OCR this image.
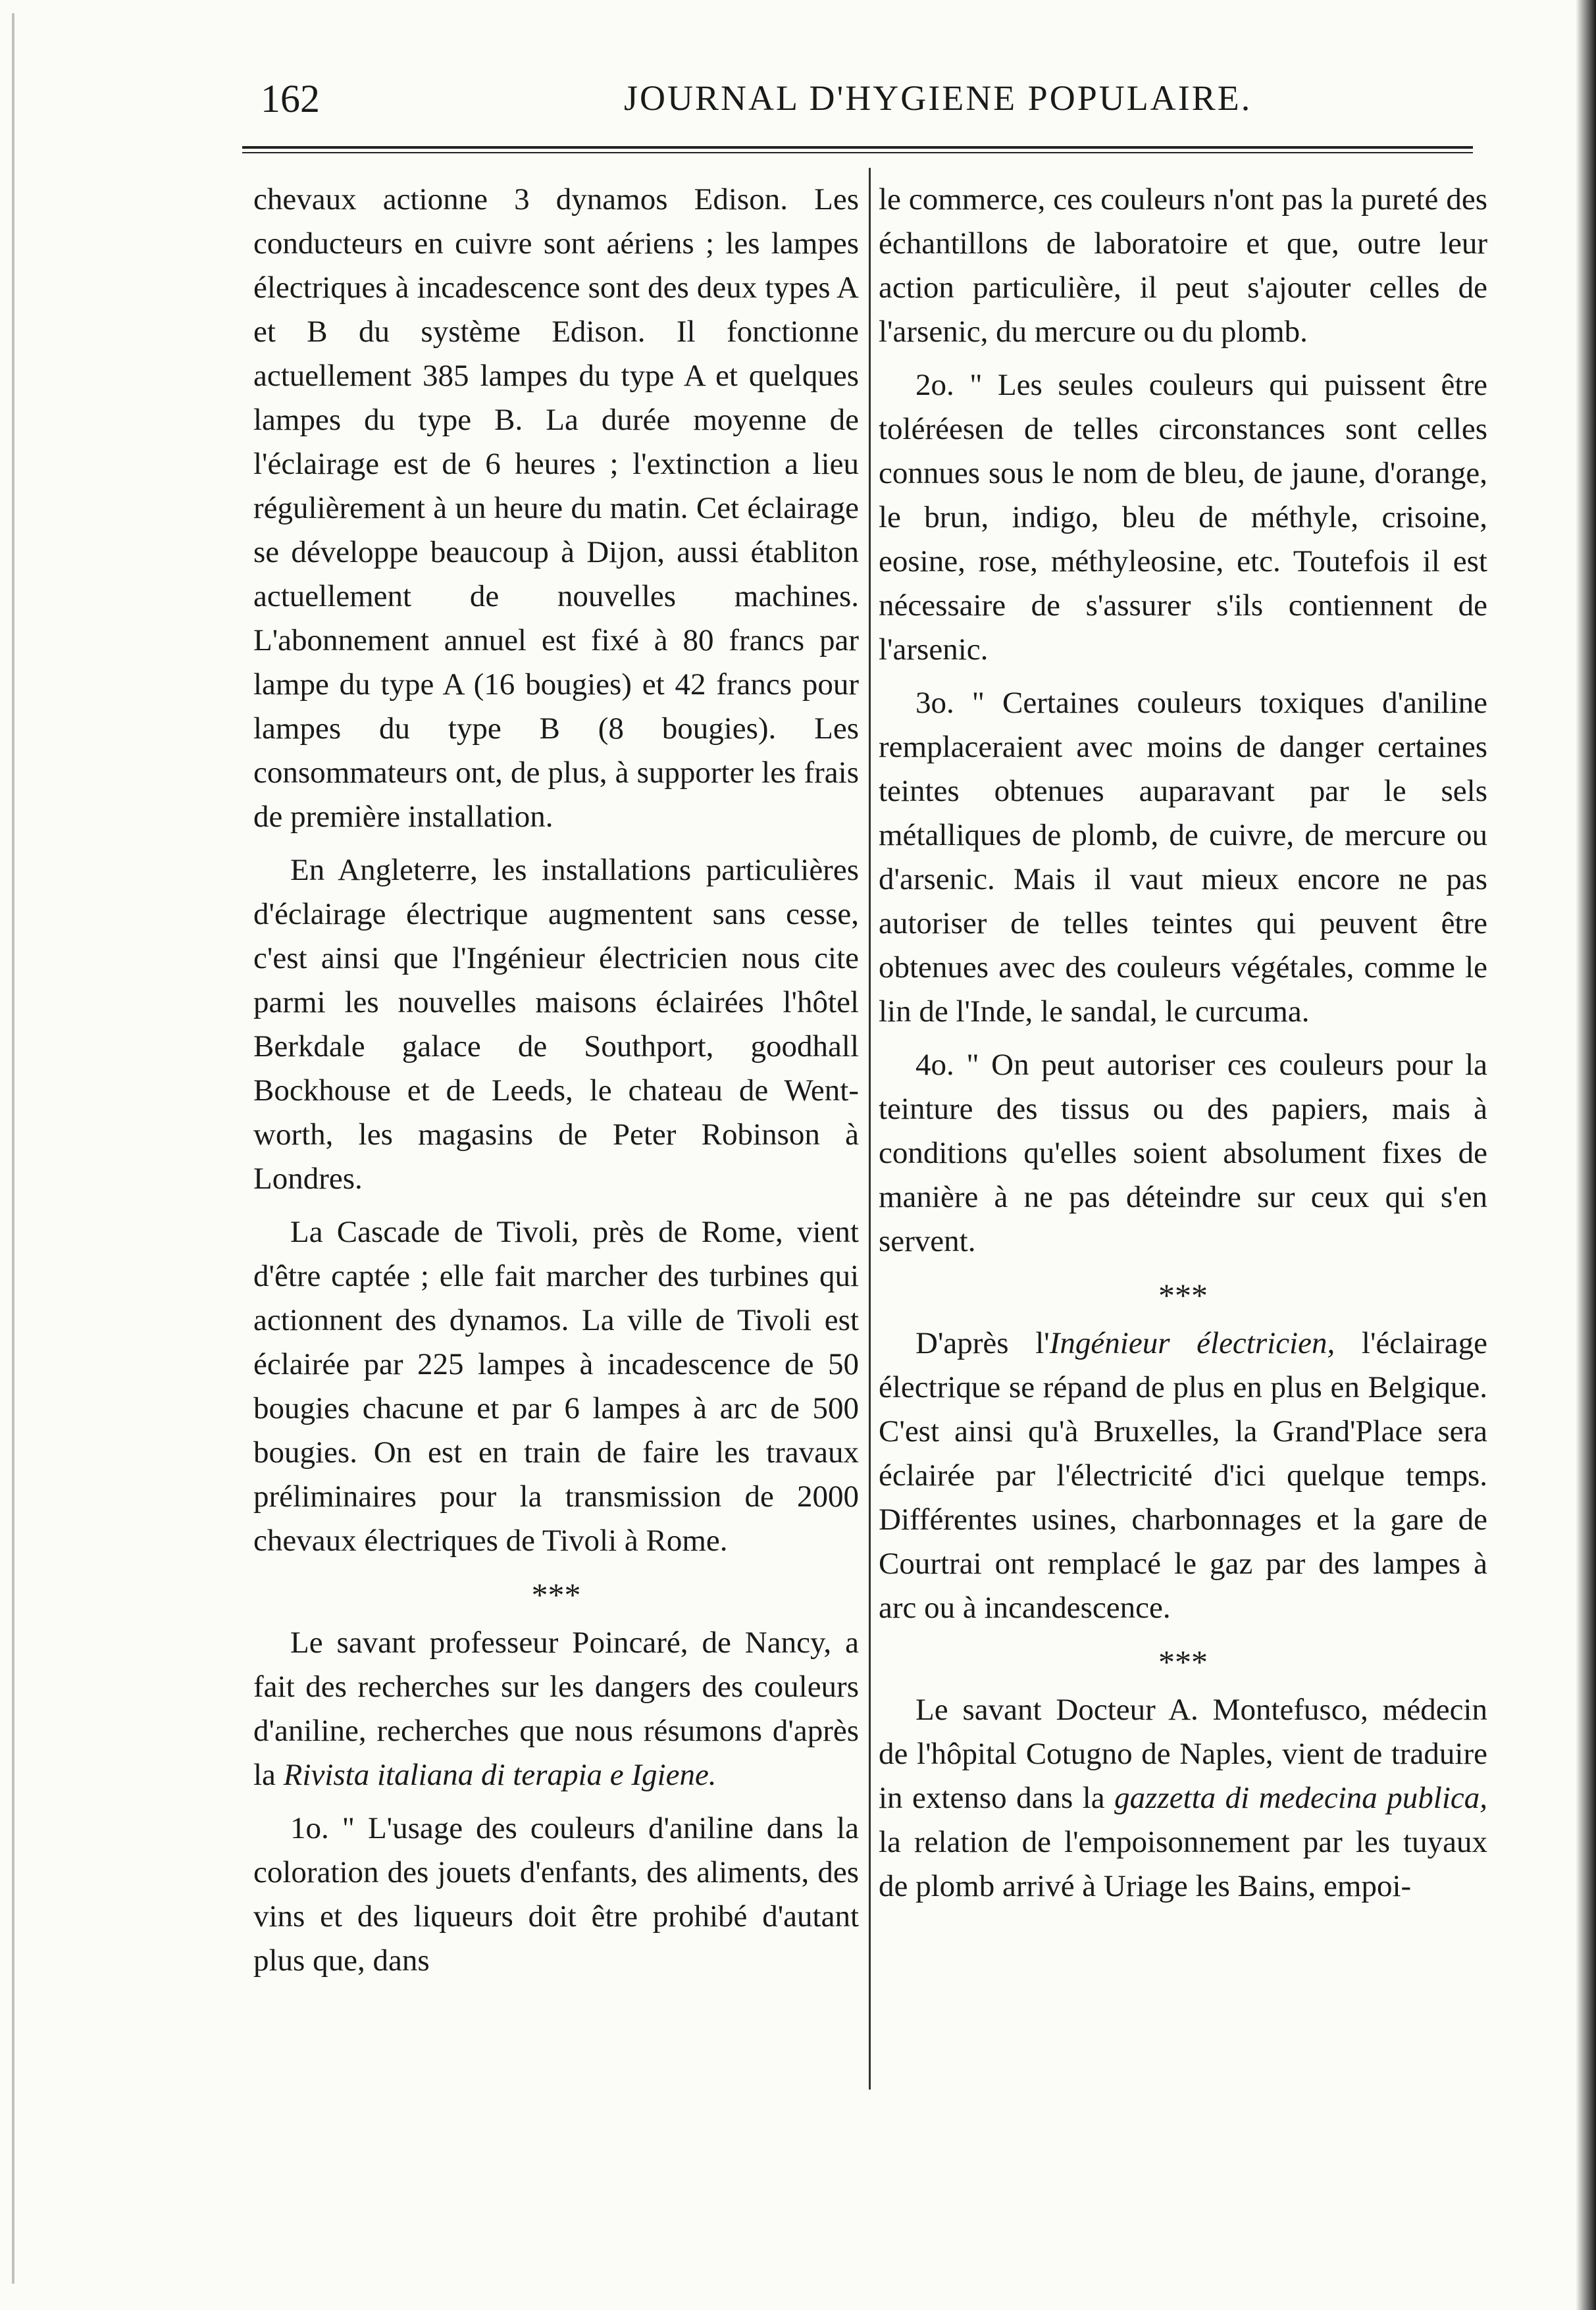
162	JOURNAL D'HYGIENE POPULAIRE.

chevaux actionne 3 dynamos Edison. Les conducteurs en cuivre sont aériens ; les lampes électriques à incadescence sont des deux types A et B du système Edison. Il fonctionne actuellement 385 lampes du type A et quelques lampes du type B. La durée moyenne de l'éclairage est de 6 heures ; l'extinction a lieu régulièrement à un heure du matin. Cet éclairage se développe beaucoup à Dijon, aussi établiton actuellement de nouvelles machines. L'abonnement annuel est fixé à 80 francs par lampe du type A (16 bougies) et 42 francs pour lampes du type B (8 bougies). Les consommateurs ont, de plus, à supporter les frais de première installation.

En Angleterre, les installations particulières d'éclairage électrique augmentent sans cesse, c'est ainsi que l'Ingénieur électricien nous cite parmi les nouvelles maisons éclairées l'hôtel Berkdale galace de Southport, goodhall Bockhouse et de Leeds, le chateau de Went-worth, les magasins de Peter Robinson à Londres.

La Cascade de Tivoli, près de Rome, vient d'être captée ; elle fait marcher des turbines qui actionnent des dynamos. La ville de Tivoli est éclairée par 225 lampes à incadescence de 50 bougies chacune et par 6 lampes à arc de 500 bougies. On est en train de faire les travaux préliminaires pour la transmission de 2000 chevaux électriques de Tivoli à Rome.

***

Le savant professeur Poincaré, de Nancy, a fait des recherches sur les dangers des couleurs d'aniline, recherches que nous résumons d'après la Rivista italiana di terapia e Igiene.

1o. " L'usage des couleurs d'aniline dans la coloration des jouets d'enfants, des aliments, des vins et des liqueurs doit être prohibé d'autant plus que, dans

le commerce, ces couleurs n'ont pas la pureté des échantillons de laboratoire et que, outre leur action particulière, il peut s'ajouter celles de l'arsenic, du mercure ou du plomb.

2o. " Les seules couleurs qui puissent être toléréesen de telles circonstances sont celles connues sous le nom de bleu, de jaune, d'orange, le brun, indigo, bleu de méthyle, crisoine, eosine, rose, méthyleosine, etc. Toutefois il est nécessaire de s'assurer s'ils contiennent de l'arsenic.

3o. " Certaines couleurs toxiques d'aniline remplaceraient avec moins de danger certaines teintes obtenues auparavant par le sels métalliques de plomb, de cuivre, de mercure ou d'arsenic. Mais il vaut mieux encore ne pas autoriser de telles teintes qui peuvent être obtenues avec des couleurs végétales, comme le lin de l'Inde, le sandal, le curcuma.

4o. " On peut autoriser ces couleurs pour la teinture des tissus ou des papiers, mais à conditions qu'elles soient absolument fixes de manière à ne pas déteindre sur ceux qui s'en servent.

***

D'après l'Ingénieur électricien, l'éclairage électrique se répand de plus en plus en Belgique. C'est ainsi qu'à Bruxelles, la Grand'Place sera éclairée par l'électricité d'ici quelque temps. Différentes usines, charbonnages et la gare de Courtrai ont remplacé le gaz par des lampes à arc ou à incandescence.

***

Le savant Docteur A. Montefusco, médecin de l'hôpital Cotugno de Naples, vient de traduire in extenso dans la gazzetta di medecina publica, la relation de l'empoisonnement par les tuyaux de plomb arrivé à Uriage les Bains, empoi-
